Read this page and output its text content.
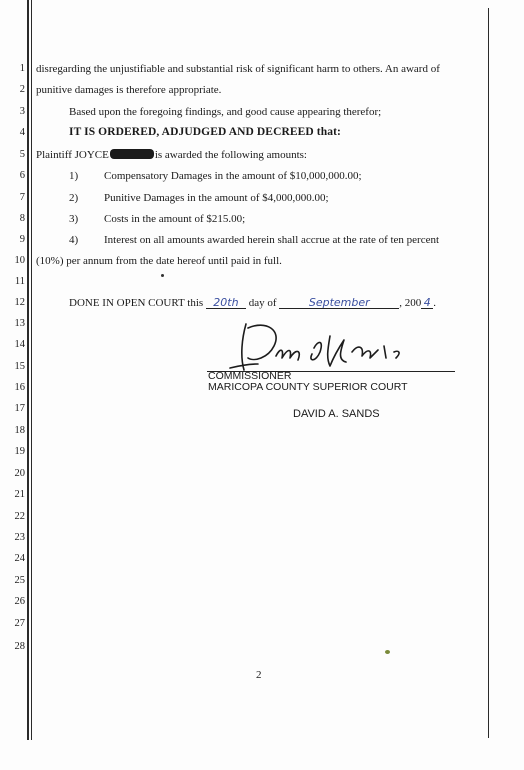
1
2
3
4
5
6
7
8
9
10
11
12
13
14
15
16
17
18
19
20
21
22
23
24
25
26
27
28
disregarding the unjustifiable and substantial risk of significant harm to others. An award of
punitive damages is therefore appropriate.
Based upon the foregoing findings, and good cause appearing therefor;
IT IS ORDERED, ADJUDGED AND DECREED that:
Plaintiff JOYCE	is awarded the following amounts:
1) Compensatory Damages in the amount of $10,000,000.00;
2) Punitive Damages in the amount of $4,000,000.00;
3) Costs in the amount of $215.00;
4) Interest on all amounts awarded herein shall accrue at the rate of ten percent
(10%) per annum from the date hereof until paid in full.
DONE IN OPEN COURT this 20th day of	September	, 200 4 .
COMMISSIONER
MARICOPA COUNTY SUPERIOR COURT
DAVID A. SANDS
2
